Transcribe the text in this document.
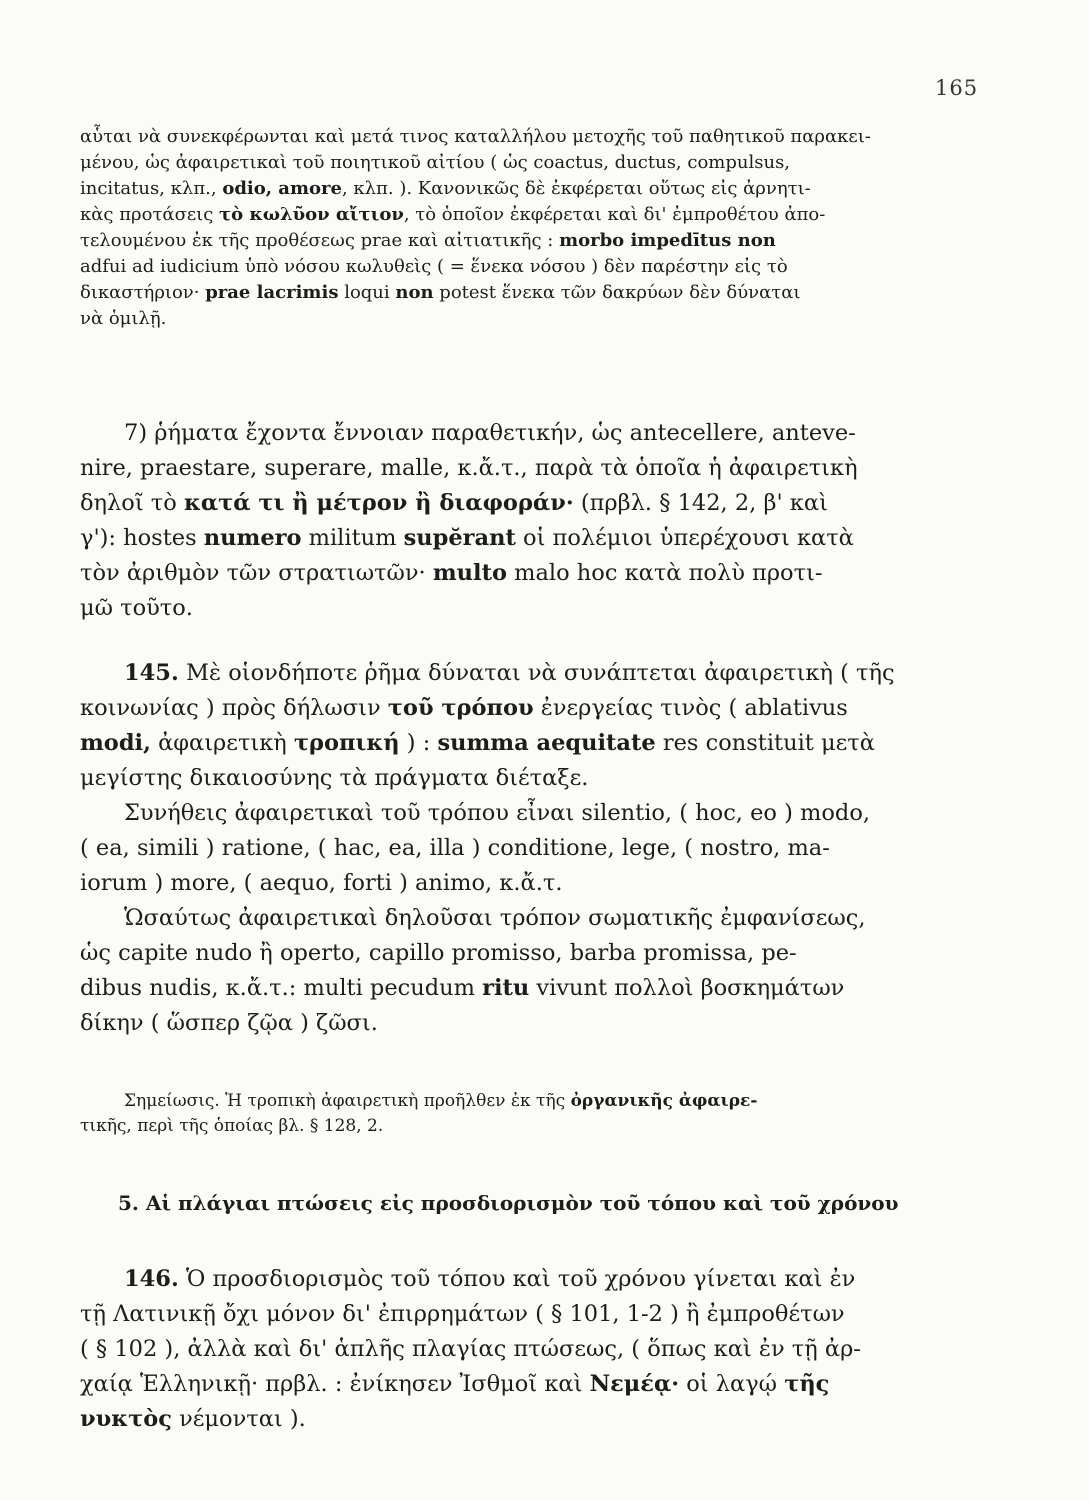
165
αὗται νὰ συνεκφέρωνται καὶ μετά τινος καταλλήλου μετοχῆς τοῦ παθητικοῦ παρακει-
μένου, ὡς ἀφαιρετικαὶ τοῦ ποιητικοῦ αἰτίου ( ὡς coactus, ductus, compulsus,
incitatus, κλπ., odio, amore, κλπ. ). Κανονικῶς δὲ ἐκφέρεται οὕτως εἰς ἀρνητι-
κὰς προτάσεις τὸ κωλῦον αἴτιον, τὸ ὁποῖον ἐκφέρεται καὶ δι' ἐμπροθέτου ἀπο-
τελουμένου ἐκ τῆς προθέσεως prae καὶ αἰτιατικῆς : morbo impedītus non
adfui ad iudicium ὑπὸ νόσου κωλυθεὶς ( = ἕνεκα νόσου ) δὲν παρέστην εἰς τὸ
δικαστήριον· prae lacrimis loqui non potest ἕνεκα τῶν δακρύων δὲν δύναται
νὰ ὁμιλῇ.
7) ῥήματα ἔχοντα ἔννοιαν παραθετικήν, ὡς antecellere, anteve-
nire, praestare, superare, malle, κ.ἄ.τ., παρὰ τὰ ὁποῖα ἡ ἀφαιρετικὴ
δηλοῖ τὸ κατά τι ἢ μέτρον ἢ διαφοράν· (πρβλ. § 142, 2, β' καὶ
γ'): hostes numero militum supĕrant οἱ πολέμιοι ὑπερέχουσι κατὰ
τὸν ἀριθμὸν τῶν στρατιωτῶν· multo malo hoc κατὰ πολὺ προτι-
μῶ τοῦτο.
145. Μὲ οἱονδήποτε ῥῆμα δύναται νὰ συνάπτεται ἀφαιρετικὴ ( τῆς
κοινωνίας ) πρὸς δήλωσιν τοῦ τρόπου ἐνεργείας τινὸς ( ablativus
modi, ἀφαιρετικὴ τροπική ) : summa aequitate res constituit μετὰ
μεγίστης δικαιοσύνης τὰ πράγματα διέταξε.
Συνήθεις ἀφαιρετικαὶ τοῦ τρόπου εἶναι silentio, ( hoc, eo ) modo,
( ea, simili ) ratione, ( hac, ea, illa ) conditione, lege, ( nostro, ma-
iorum ) more, ( aequo, forti ) animo, κ.ἄ.τ.
Ὡσαύτως ἀφαιρετικαὶ δηλοῦσαι τρόπον σωματικῆς ἐμφανίσεως,
ὡς capite nudo ἢ operto, capillo promisso, barba promissa, pe-
dibus nudis, κ.ἄ.τ.: multi pecudum ritu vivunt πολλοὶ βοσκημάτων
δίκην ( ὥσπερ ζῷα ) ζῶσι.
Σημείωσις. Ἡ τροπικὴ ἀφαιρετικὴ προῆλθεν ἐκ τῆς ὀργανικῆς ἀφαιρε-
τικῆς, περὶ τῆς ὁποίας βλ. § 128, 2.
5. Αἱ πλάγιαι πτώσεις εἰς προσδιορισμὸν τοῦ τόπου καὶ τοῦ χρόνου
146. Ὁ προσδιορισμὸς τοῦ τόπου καὶ τοῦ χρόνου γίνεται καὶ ἐν
τῇ Λατινικῇ ὄχι μόνον δι' ἐπιρρημάτων ( § 101, 1-2 ) ἢ ἐμπροθέτων
( § 102 ), ἀλλὰ καὶ δι' ἁπλῆς πλαγίας πτώσεως, ( ὅπως καὶ ἐν τῇ ἀρ-
χαίᾳ Ἑλληνικῇ· πρβλ. : ἐνίκησεν Ἰσθμοῖ καὶ Νεμέᾳ· οἱ λαγῴ τῆς
νυκτὸς νέμονται ).
